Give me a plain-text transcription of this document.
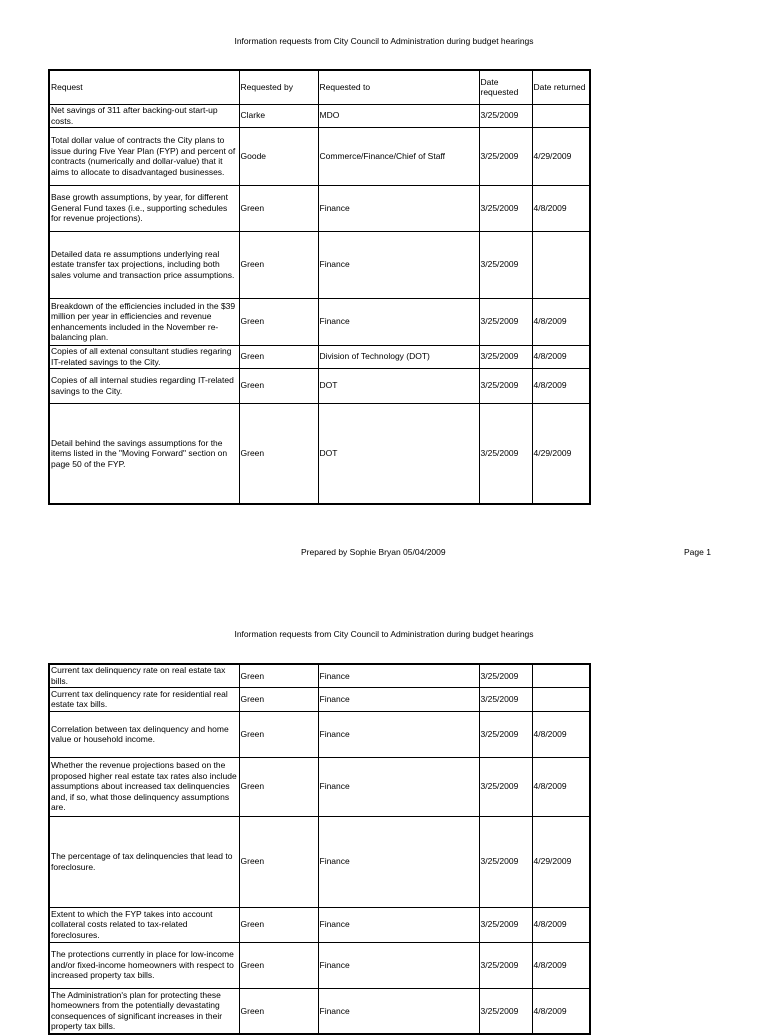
Information requests from City Council to Administration during budget hearings
Request	Requested by	Requested to	Date requested	Date returned
Net savings of 311 after backing-out start-up costs.	Clarke	MDO	3/25/2009	
Total dollar value of contracts the City plans to issue during Five Year Plan (FYP) and percent of contracts (numerically and dollar-value) that it aims to allocate to disadvantaged businesses.	Goode	Commerce/Finance/Chief of Staff	3/25/2009	4/29/2009
Base growth assumptions, by year, for different General Fund taxes (i.e., supporting schedules for revenue projections).	Green	Finance	3/25/2009	4/8/2009
Detailed data re assumptions underlying real estate transfer tax projections, including both sales volume and transaction price assumptions.	Green	Finance	3/25/2009	
Breakdown of the efficiencies included in the $39 million per year in efficiencies and revenue enhancements included in the November re-balancing plan.	Green	Finance	3/25/2009	4/8/2009
Copies of all extenal consultant studies regaring IT-related savings to the City.	Green	Division of Technology (DOT)	3/25/2009	4/8/2009
Copies of all internal studies regarding IT-related savings to the City.	Green	DOT	3/25/2009	4/8/2009
Detail behind the savings assumptions for the items listed in the "Moving Forward" section on page 50 of the FYP.	Green	DOT	3/25/2009	4/29/2009
Prepared by Sophie Bryan 05/04/2009	Page 1
Information requests from City Council to Administration during budget hearings
Current tax delinquency rate on real estate tax bills.	Green	Finance	3/25/2009	
Current tax delinquency rate for residential real estate tax bills.	Green	Finance	3/25/2009	
Correlation between tax delinquency and home value or household income.	Green	Finance	3/25/2009	4/8/2009
Whether the revenue projections based on the proposed higher real estate tax rates also include assumptions about increased tax delinquencies and, if so, what those delinquency assumptions are.	Green	Finance	3/25/2009	4/8/2009
The percentage of tax delinquencies that lead to foreclosure.	Green	Finance	3/25/2009	4/29/2009
Extent to which the FYP takes into account collateral costs related to tax-related foreclosures.	Green	Finance	3/25/2009	4/8/2009
The protections currently in place for low-income and/or fixed-income homeowners with respect to increased property tax bills.	Green	Finance	3/25/2009	4/8/2009
The Administration's plan for protecting these homeowners from the potentially devastating consequences of significant increases in their property tax bills.	Green	Finance	3/25/2009	4/8/2009
